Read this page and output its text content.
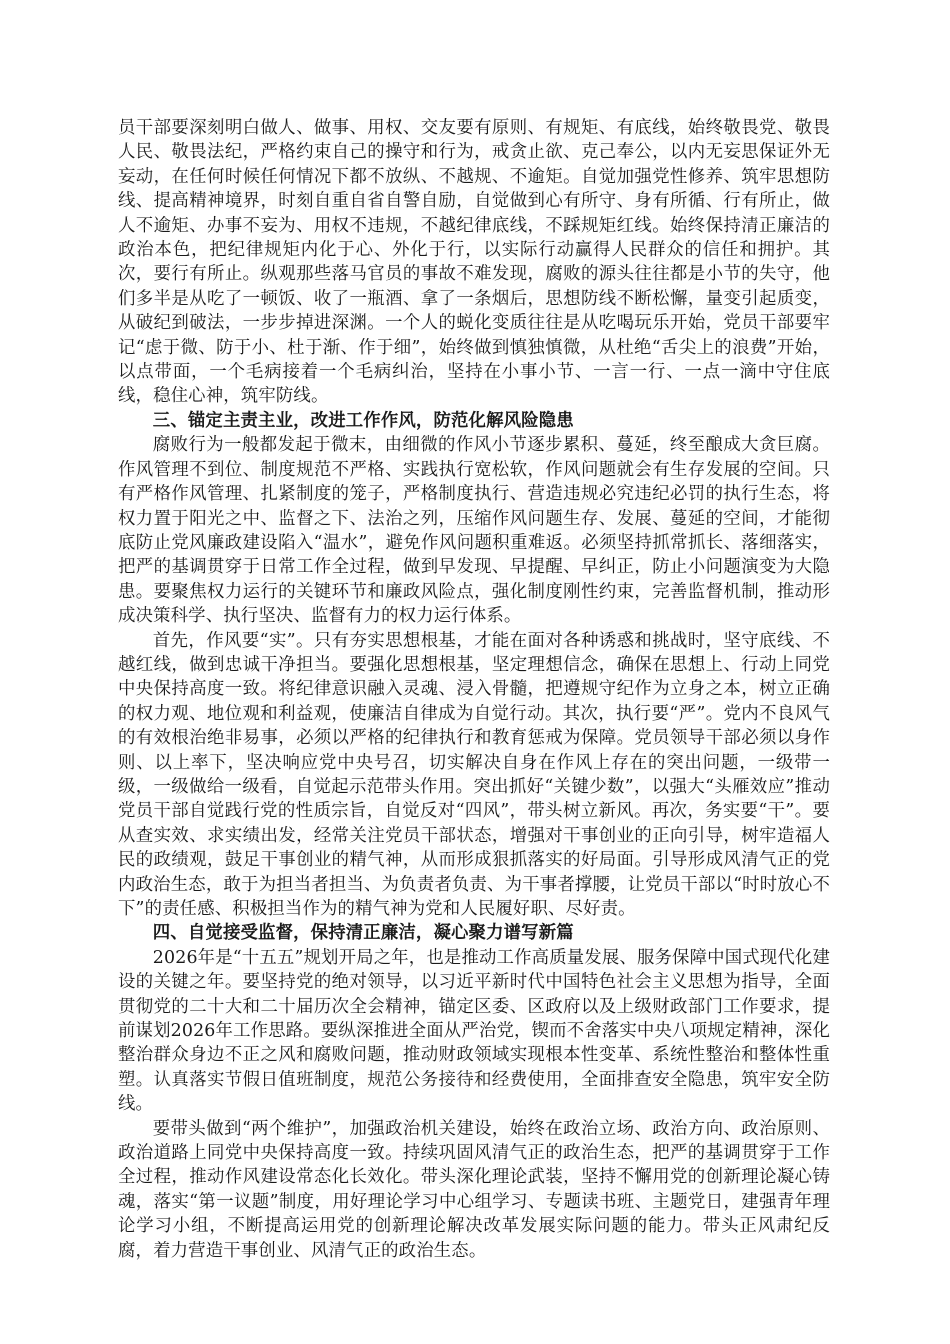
员干部要深刻明白做人、做事、用权、交友要有原则、有规矩、有底线，始终敬畏党、敬畏人民、敬畏法纪，严格约束自己的操守和行为，戒贪止欲、克己奉公，以内无妄思保证外无妄动，在任何时候任何情况下都不放纵、不越规、不逾矩。自觉加强党性修养、筑牢思想防线、提高精神境界，时刻自重自省自警自励，自觉做到心有所守、身有所循、行有所止，做人不逾矩、办事不妄为、用权不违规，不越纪律底线，不踩规矩红线。始终保持清正廉洁的政治本色，把纪律规矩内化于心、外化于行，以实际行动赢得人民群众的信任和拥护。其次，要行有所止。纵观那些落马官员的事故不难发现，腐败的源头往往都是小节的失守，他们多半是从吃了一顿饭、收了一瓶酒、拿了一条烟后，思想防线不断松懈，量变引起质变，从破纪到破法，一步步掉进深渊。一个人的蜕化变质往往是从吃喝玩乐开始，党员干部要牢记“虑于微、防于小、杜于渐、作于细”，始终做到慎独慎微，从杜绝“舌尖上的浪费”开始，以点带面，一个毛病接着一个毛病纠治，坚持在小事小节、一言一行、一点一滴中守住底线，稳住心神，筑牢防线。

三、锚定主责主业，改进工作作风，防范化解风险隐患

腐败行为一般都发起于微末，由细微的作风小节逐步累积、蔓延，终至酿成大贪巨腐。作风管理不到位、制度规范不严格、实践执行宽松软，作风问题就会有生存发展的空间。只有严格作风管理、扎紧制度的笼子，严格制度执行、营造违规必究违纪必罚的执行生态，将权力置于阳光之中、监督之下、法治之列，压缩作风问题生存、发展、蔓延的空间，才能彻底防止党风廉政建设陷入“温水”，避免作风问题积重难返。必须坚持抓常抓长、落细落实，把严的基调贯穿于日常工作全过程，做到早发现、早提醒、早纠正，防止小问题演变为大隐患。要聚焦权力运行的关键环节和廉政风险点，强化制度刚性约束，完善监督机制，推动形成决策科学、执行坚决、监督有力的权力运行体系。

首先，作风要“实”。只有夯实思想根基，才能在面对各种诱惑和挑战时，坚守底线、不越红线，做到忠诚干净担当。要强化思想根基，坚定理想信念，确保在思想上、行动上同党中央保持高度一致。将纪律意识融入灵魂、浸入骨髓，把遵规守纪作为立身之本，树立正确的权力观、地位观和利益观，使廉洁自律成为自觉行动。其次，执行要“严”。党内不良风气的有效根治绝非易事，必须以严格的纪律执行和教育惩戒为保障。党员领导干部必须以身作则、以上率下，坚决响应党中央号召，切实解决自身在作风上存在的突出问题，一级带一级，一级做给一级看，自觉起示范带头作用。突出抓好“关键少数”，以强大“头雁效应”推动党员干部自觉践行党的性质宗旨，自觉反对“四风”，带头树立新风。再次，务实要“干”。要从查实效、求实绩出发，经常关注党员干部状态，增强对干事创业的正向引导，树牢造福人民的政绩观，鼓足干事创业的精气神，从而形成狠抓落实的好局面。引导形成风清气正的党内政治生态，敢于为担当者担当、为负责者负责、为干事者撑腰，让党员干部以“时时放心不下”的责任感、积极担当作为的精气神为党和人民履好职、尽好责。

四、自觉接受监督，保持清正廉洁，凝心聚力谱写新篇

2026年是“十五五”规划开局之年，也是推动工作高质量发展、服务保障中国式现代化建设的关键之年。要坚持党的绝对领导，以习近平新时代中国特色社会主义思想为指导，全面贯彻党的二十大和二十届历次全会精神，锚定区委、区政府以及上级财政部门工作要求，提前谋划2026年工作思路。要纵深推进全面从严治党，锲而不舍落实中央八项规定精神，深化整治群众身边不正之风和腐败问题，推动财政领域实现根本性变革、系统性整治和整体性重塑。认真落实节假日值班制度，规范公务接待和经费使用，全面排查安全隐患，筑牢安全防线。

要带头做到“两个维护”，加强政治机关建设，始终在政治立场、政治方向、政治原则、政治道路上同党中央保持高度一致。持续巩固风清气正的政治生态，把严的基调贯穿于工作全过程，推动作风建设常态化长效化。带头深化理论武装，坚持不懈用党的创新理论凝心铸魂，落实“第一议题”制度，用好理论学习中心组学习、专题读书班、主题党日，建强青年理论学习小组，不断提高运用党的创新理论解决改革发展实际问题的能力。带头正风肃纪反腐，着力营造干事创业、风清气正的政治生态。
